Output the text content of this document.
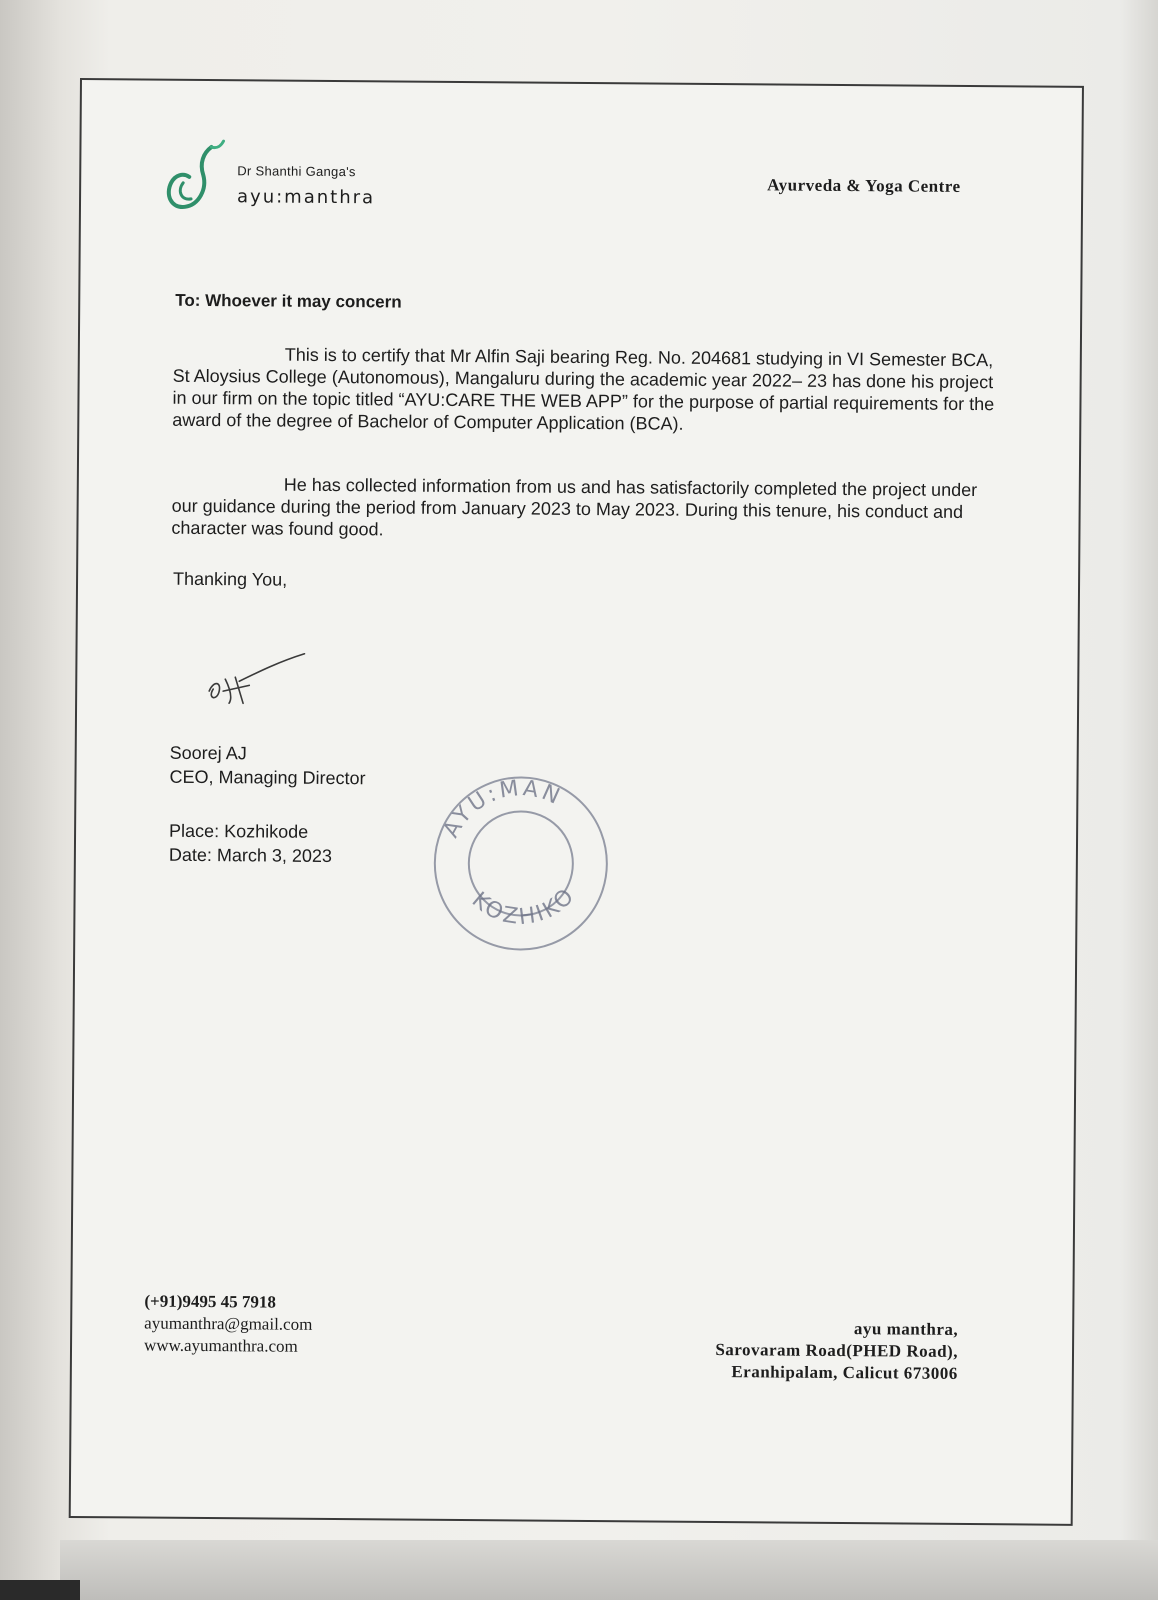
Dr Shanthi Ganga's
ayu:manthra
Ayurveda & Yoga Centre
To: Whoever it may concern
This is to certify that Mr Alfin Saji bearing Reg. No. 204681 studying in VI Semester BCA, St Aloysius College (Autonomous), Mangaluru during the academic year 2022– 23 has done his project in our firm on the topic titled “AYU:CARE THE WEB APP” for the purpose of partial requirements for the award of the degree of Bachelor of Computer Application (BCA).
He has collected information from us and has satisfactorily completed the project under our guidance during the period from January 2023 to May 2023. During this tenure, his conduct and character was found good.
Thanking You,
Soorej AJ
CEO, Managing Director
Place: Kozhikode
Date: March 3, 2023
AYU:MAN
KOZHIKO
(+91)9495 45 7918
ayumanthra@gmail.com
www.ayumanthra.com
ayu manthra,
Sarovaram Road(PHED Road),
Eranhipalam, Calicut 673006
